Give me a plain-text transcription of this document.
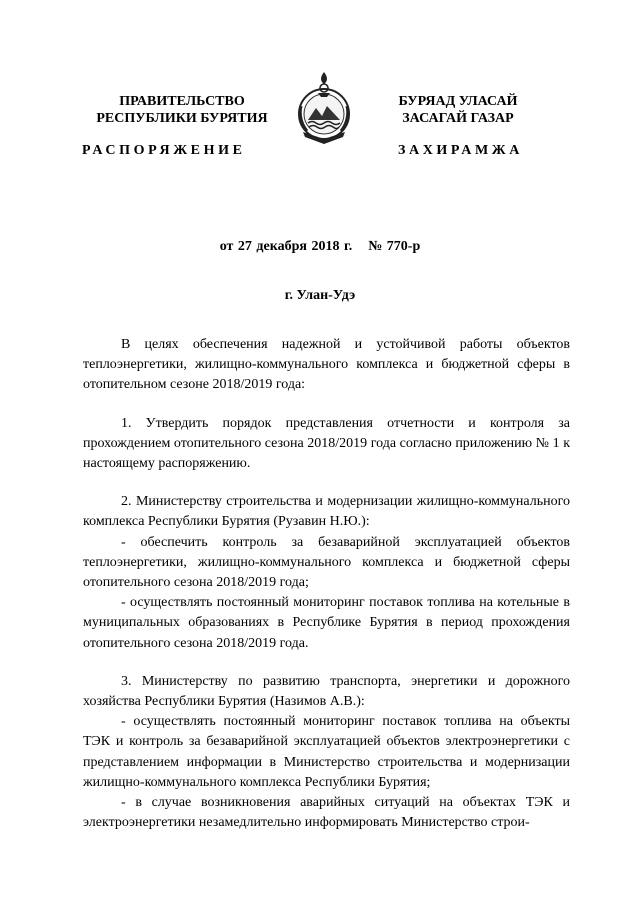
ПРАВИТЕЛЬСТВО
РЕСПУБЛИКИ БУРЯТИЯ
БУРЯАД УЛАСАЙ
ЗАСАГАЙ ГАЗАР
РАСПОРЯЖЕНИЕ	ЗАХИРАМЖА
от 27 декабря 2018 г. № 770-р
г. Улан-Удэ

В целях обеспечения надежной и устойчивой работы объектов теплоэнергетики, жилищно-коммунального комплекса и бюджетной сферы в отопительном сезоне 2018/2019 года:

1. Утвердить порядок представления отчетности и контроля за прохождением отопительного сезона 2018/2019 года согласно приложению № 1 к настоящему распоряжению.

2. Министерству строительства и модернизации жилищно-коммунального комплекса Республики Бурятия (Рузавин Н.Ю.):

- обеспечить контроль за безаварийной эксплуатацией объектов теплоэнергетики, жилищно-коммунального комплекса и бюджетной сферы отопительного сезона 2018/2019 года;

- осуществлять постоянный мониторинг поставок топлива на котельные в муниципальных образованиях в Республике Бурятия в период прохождения отопительного сезона 2018/2019 года.

3. Министерству по развитию транспорта, энергетики и дорожного хозяйства Республики Бурятия (Назимов А.В.):

- осуществлять постоянный мониторинг поставок топлива на объекты ТЭК и контроль за безаварийной эксплуатацией объектов электроэнергетики с представлением информации в Министерство строительства и модернизации жилищно-коммунального комплекса Республики Бурятия;

- в случае возникновения аварийных ситуаций на объектах ТЭК и электроэнергетики незамедлительно информировать Министерство строи-
